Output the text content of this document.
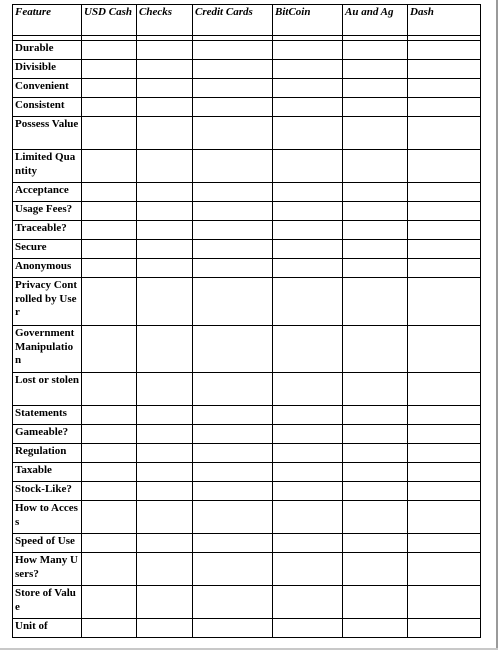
Feature	USD Cash	Checks	Credit Cards	BitCoin	Au and Ag	Dash

Durable						
Divisible						
Convenient						
Consistent						
Possess Value						
Limited Quantity						
Acceptance						
Usage Fees?						
Traceable?						
Secure						
Anonymous						
Privacy Controlled by User						
Government Manipulation						
Lost or stolen						
Statements						
Gameable?						
Regulation						
Taxable						
Stock-Like?						
How to Access						
Speed of Use						
How Many Users?						
Store of Value						
Unit of						
